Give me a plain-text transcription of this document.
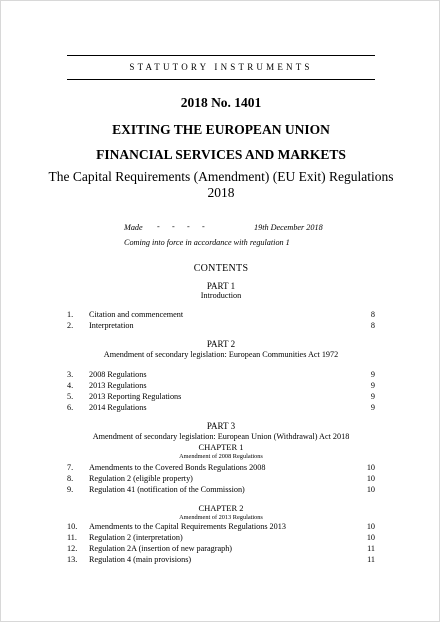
STATUTORY INSTRUMENTS
2018 No. 1401
EXITING THE EUROPEAN UNION
FINANCIAL SERVICES AND MARKETS
The Capital Requirements (Amendment) (EU Exit) Regulations
2018
Made -      -      -      -	19th December 2018
Coming into force in accordance with regulation 1
CONTENTS
PART 1
Introduction
1. Citation and commencement	8
2. Interpretation	8
PART 2
Amendment of secondary legislation: European Communities Act 1972
3. 2008 Regulations	9
4. 2013 Regulations	9
5. 2013 Reporting Regulations	9
6. 2014 Regulations	9
PART 3
Amendment of secondary legislation: European Union (Withdrawal) Act 2018
CHAPTER 1
Amendment of 2008 Regulations
7. Amendments to the Covered Bonds Regulations 2008	10
8. Regulation 2 (eligible property)	10
9. Regulation 41 (notification of the Commission)	10
CHAPTER 2
Amendment of 2013 Regulations
10. Amendments to the Capital Requirements Regulations 2013	10
11. Regulation 2 (interpretation)	10
12. Regulation 2A (insertion of new paragraph)	11
13. Regulation 4 (main provisions)	11
